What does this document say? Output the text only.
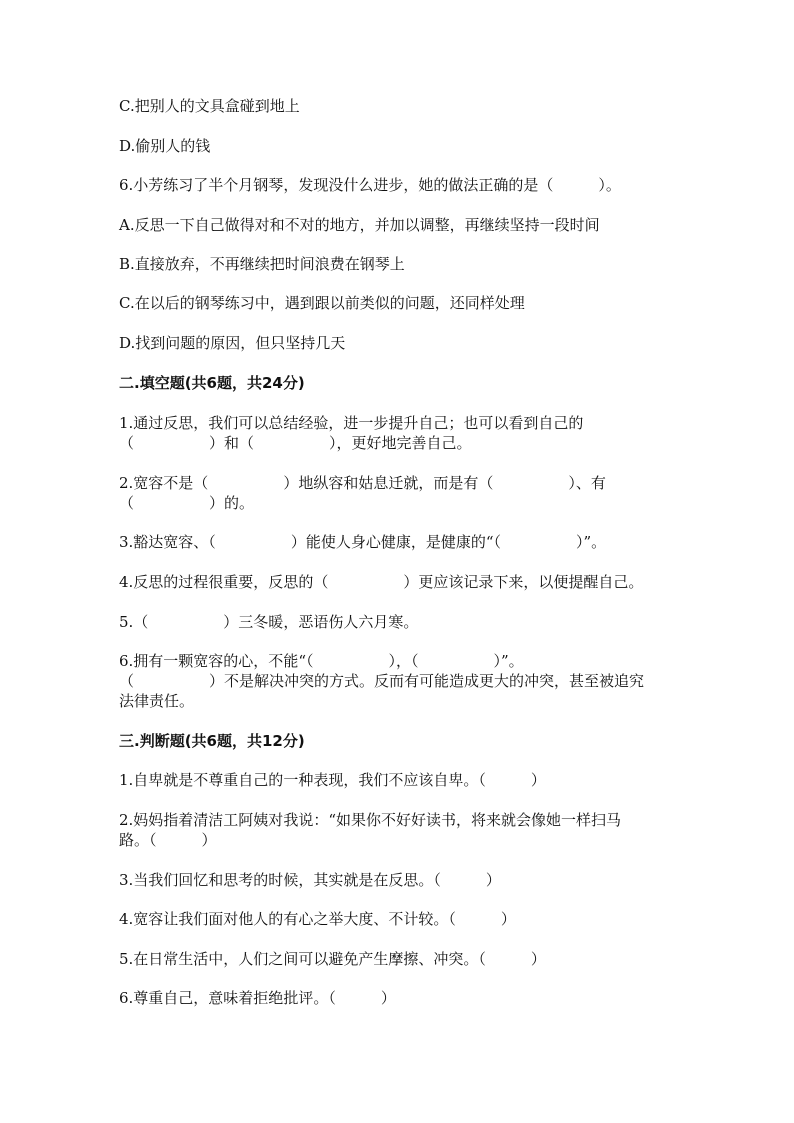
C.把别人的文具盒碰到地上
D.偷别人的钱
6.小芳练习了半个月钢琴，发现没什么进步，她的做法正确的是（　　　）。
A.反思一下自己做得对和不对的地方，并加以调整，再继续坚持一段时间
B.直接放弃，不再继续把时间浪费在钢琴上
C.在以后的钢琴练习中，遇到跟以前类似的问题，还同样处理
D.找到问题的原因，但只坚持几天
二.填空题(共6题，共24分)
1.通过反思，我们可以总结经验，进一步提升自己；也可以看到自己的
（　　　　　）和（　　　　　），更好地完善自己。
2.宽容不是（　　　　　）地纵容和姑息迁就，而是有（　　　　　）、有
（　　　　　）的。
3.豁达宽容、（　　　　　）能使人身心健康，是健康的“（　　　　　）”。
4.反思的过程很重要，反思的（　　　　　）更应该记录下来，以便提醒自己。
5.（　　　　　）三冬暖，恶语伤人六月寒。
6.拥有一颗宽容的心，不能“（　　　　　），（　　　　　）”。
（　　　　　）不是解决冲突的方式。反而有可能造成更大的冲突，甚至被追究
法律责任。
三.判断题(共6题，共12分)
1.自卑就是不尊重自己的一种表现，我们不应该自卑。（　　　）
2.妈妈指着清洁工阿姨对我说：“如果你不好好读书，将来就会像她一样扫马
路。（　　　）
3.当我们回忆和思考的时候，其实就是在反思。（　　　）
4.宽容让我们面对他人的有心之举大度、不计较。（　　　）
5.在日常生活中，人们之间可以避免产生摩擦、冲突。（　　　）
6.尊重自己，意味着拒绝批评。（　　　）
